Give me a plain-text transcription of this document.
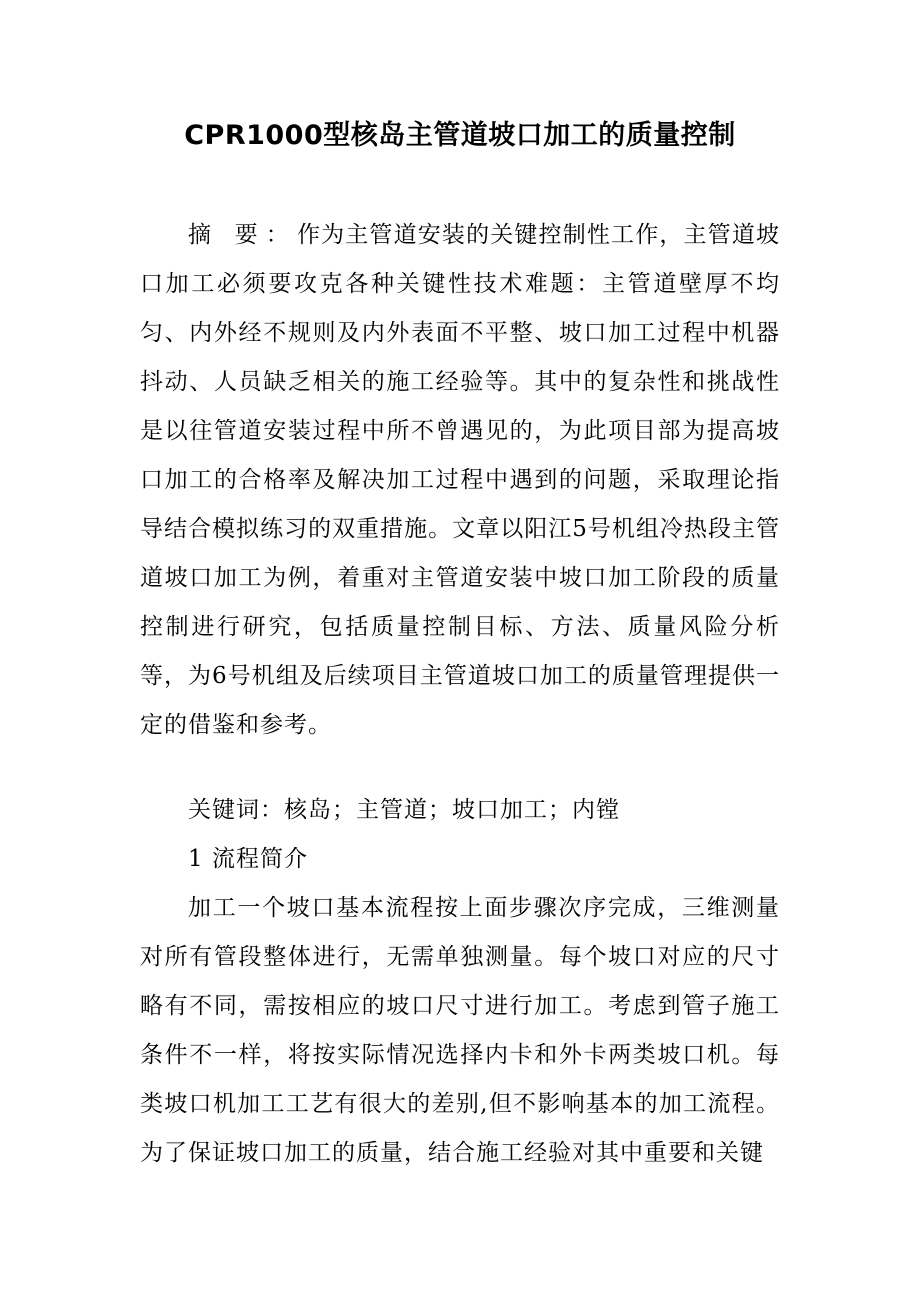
CPR1000型核岛主管道坡口加工的质量控制

摘 要：作为主管道安装的关键控制性工作，主管道坡口加工必须要攻克各种关键性技术难题：主管道壁厚不均匀、内外经不规则及内外表面不平整、坡口加工过程中机器抖动、人员缺乏相关的施工经验等。其中的复杂性和挑战性是以往管道安装过程中所不曾遇见的，为此项目部为提高坡口加工的合格率及解决加工过程中遇到的问题，采取理论指导结合模拟练习的双重措施。文章以阳江5号机组冷热段主管道坡口加工为例，着重对主管道安装中坡口加工阶段的质量控制进行研究，包括质量控制目标、方法、质量风险分析等，为6号机组及后续项目主管道坡口加工的质量管理提供一定的借鉴和参考。

关键词：核岛；主管道；坡口加工；内镗
1 流程简介

加工一个坡口基本流程按上面步骤次序完成，三维测量对所有管段整体进行，无需单独测量。每个坡口对应的尺寸略有不同，需按相应的坡口尺寸进行加工。考虑到管子施工条件不一样，将按实际情况选择内卡和外卡两类坡口机。每类坡口机加工工艺有很大的差别,但不影响基本的加工流程。为了保证坡口加工的质量，结合施工经验对其中重要和关键
